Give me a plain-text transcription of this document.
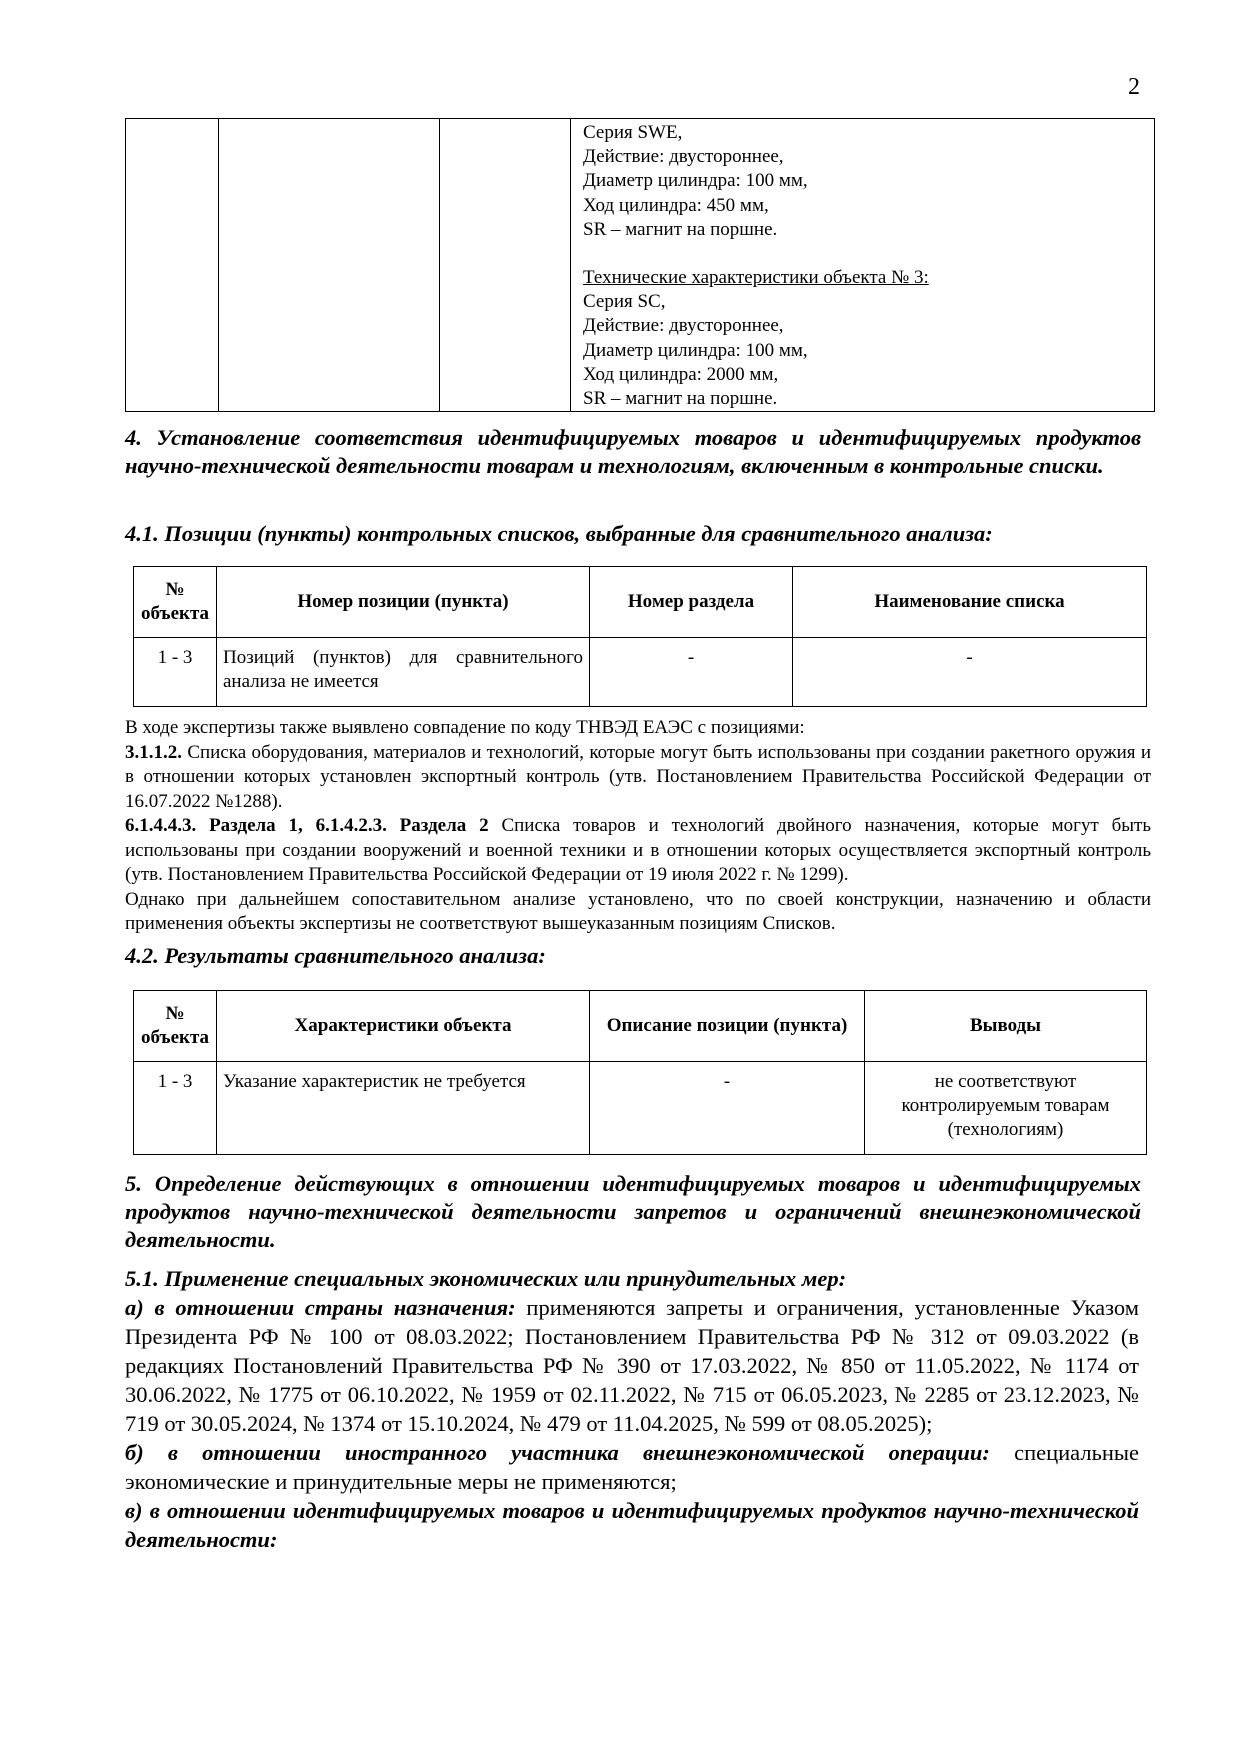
2

Серия SWE,
Действие: двустороннее,
Диаметр цилиндра: 100 мм,
Ход цилиндра: 450 мм,
SR – магнит на поршне.
Технические характеристики объекта № 3:
Серия SC,
Действие: двустороннее,
Диаметр цилиндра: 100 мм,
Ход цилиндра: 2000 мм,
SR – магнит на поршне.
4. Установление соответствия идентифицируемых товаров и идентифицируемых продуктов научно-технической деятельности товарам и технологиям, включенным в контрольные списки.
4.1. Позиции (пункты) контрольных списков, выбранные для сравнительного анализа:
№ объекта	Номер позиции (пункта)	Номер раздела	Наименование списка
1 - 3	Позиций (пунктов) для сравнительного анализа не имеется	-	-

В ходе экспертизы также выявлено совпадение по коду ТНВЭД ЕАЭС с позициями:

3.1.1.2. Списка оборудования, материалов и технологий, которые могут быть использованы при создании ракетного оружия и в отношении которых установлен экспортный контроль (утв. Постановлением Правительства Российской Федерации от 16.07.2022 №1288).

6.1.4.4.3. Раздела 1, 6.1.4.2.3. Раздела 2 Списка товаров и технологий двойного назначения, которые могут быть использованы при создании вооружений и военной техники и в отношении которых осуществляется экспортный контроль (утв. Постановлением Правительства Российской Федерации от 19 июля 2022 г. № 1299).

Однако при дальнейшем сопоставительном анализе установлено, что по своей конструкции, назначению и области применения объекты экспертизы не соответствуют вышеуказанным позициям Списков.

4.2. Результаты сравнительного анализа:
№ объекта	Характеристики объекта	Описание позиции (пункта)	Выводы
1 - 3	Указание характеристик не требуется	-	не соответствуют контролируемым товарам (технологиям)
5. Определение действующих в отношении идентифицируемых товаров и идентифицируемых продуктов научно-технической деятельности запретов и ограничений внешнеэкономической деятельности.

5.1. Применение специальных экономических или принудительных мер:

а) в отношении страны назначения: применяются запреты и ограничения, установленные Указом Президента РФ № 100 от 08.03.2022; Постановлением Правительства РФ № 312 от 09.03.2022 (в редакциях Постановлений Правительства РФ № 390 от 17.03.2022, № 850 от 11.05.2022, № 1174 от 30.06.2022, № 1775 от 06.10.2022, № 1959 от 02.11.2022, № 715 от 06.05.2023, № 2285 от 23.12.2023, № 719 от 30.05.2024, № 1374 от 15.10.2024, № 479 от 11.04.2025, № 599 от 08.05.2025);

б) в отношении иностранного участника внешнеэкономической операции: специальные экономические и принудительные меры не применяются;

в) в отношении идентифицируемых товаров и идентифицируемых продуктов научно-технической деятельности:
